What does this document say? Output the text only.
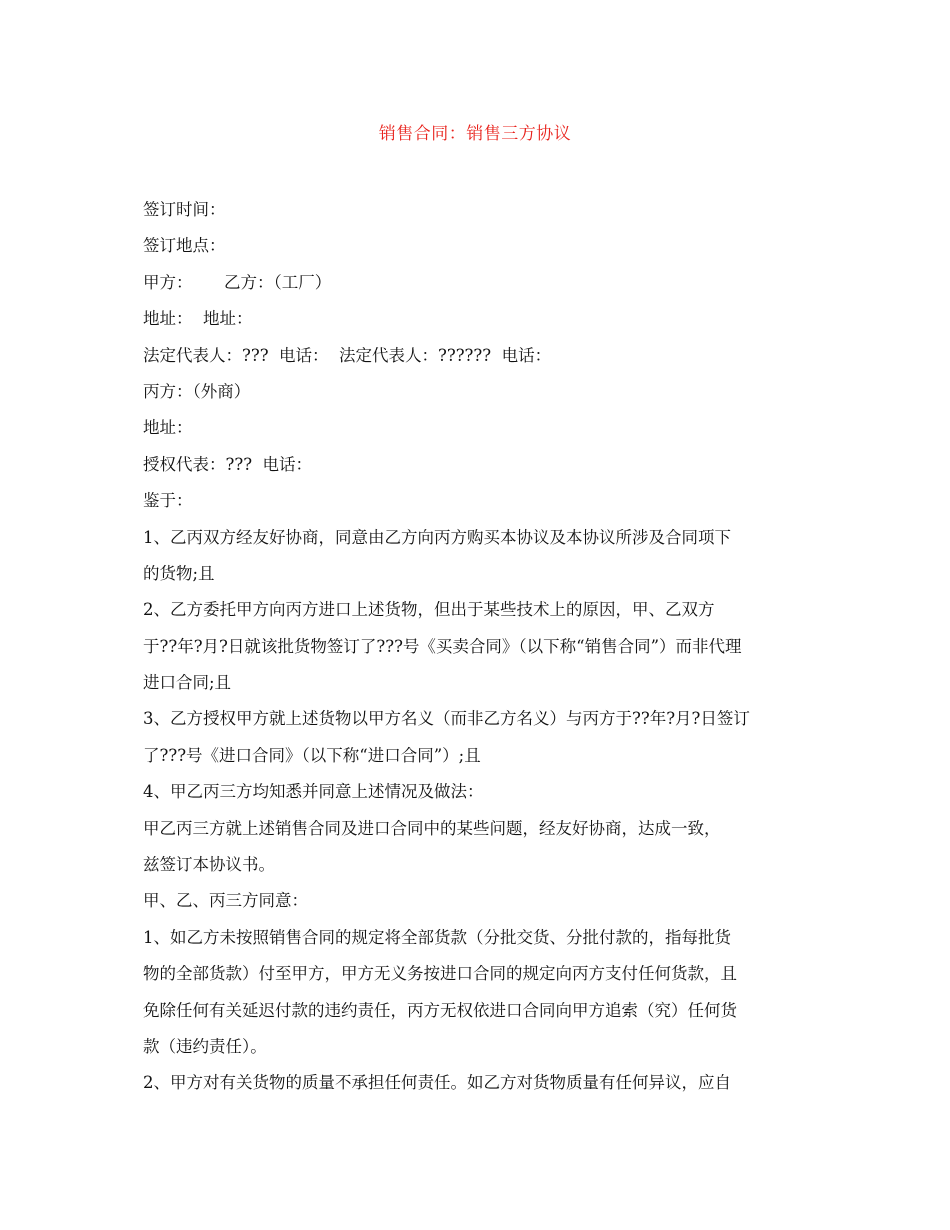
销售合同：销售三方协议
签订时间：
签订地点：
甲方：      乙方：（工厂）
地址：  地址：
法定代表人：???  电话：  法定代表人：??????  电话：
丙方：（外商）
地址：
授权代表：???  电话：
鉴于：
1、乙丙双方经友好协商，同意由乙方向丙方购买本协议及本协议所涉及合同项下
的货物;且
2、乙方委托甲方向丙方进口上述货物，但出于某些技术上的原因，甲、乙双方
于??年?月?日就该批货物签订了???号《买卖合同》（以下称“销售合同”）而非代理
进口合同;且
3、乙方授权甲方就上述货物以甲方名义（而非乙方名义）与丙方于??年?月?日签订
了???号《进口合同》（以下称“进口合同”）;且
4、甲乙丙三方均知悉并同意上述情况及做法：
甲乙丙三方就上述销售合同及进口合同中的某些问题，经友好协商，达成一致，
兹签订本协议书。
甲、乙、丙三方同意：
1、如乙方未按照销售合同的规定将全部货款（分批交货、分批付款的，指每批货
物的全部货款）付至甲方，甲方无义务按进口合同的规定向丙方支付任何货款，且
免除任何有关延迟付款的违约责任，丙方无权依进口合同向甲方追索（究）任何货
款（违约责任）。
2、甲方对有关货物的质量不承担任何责任。如乙方对货物质量有任何异议，应自
